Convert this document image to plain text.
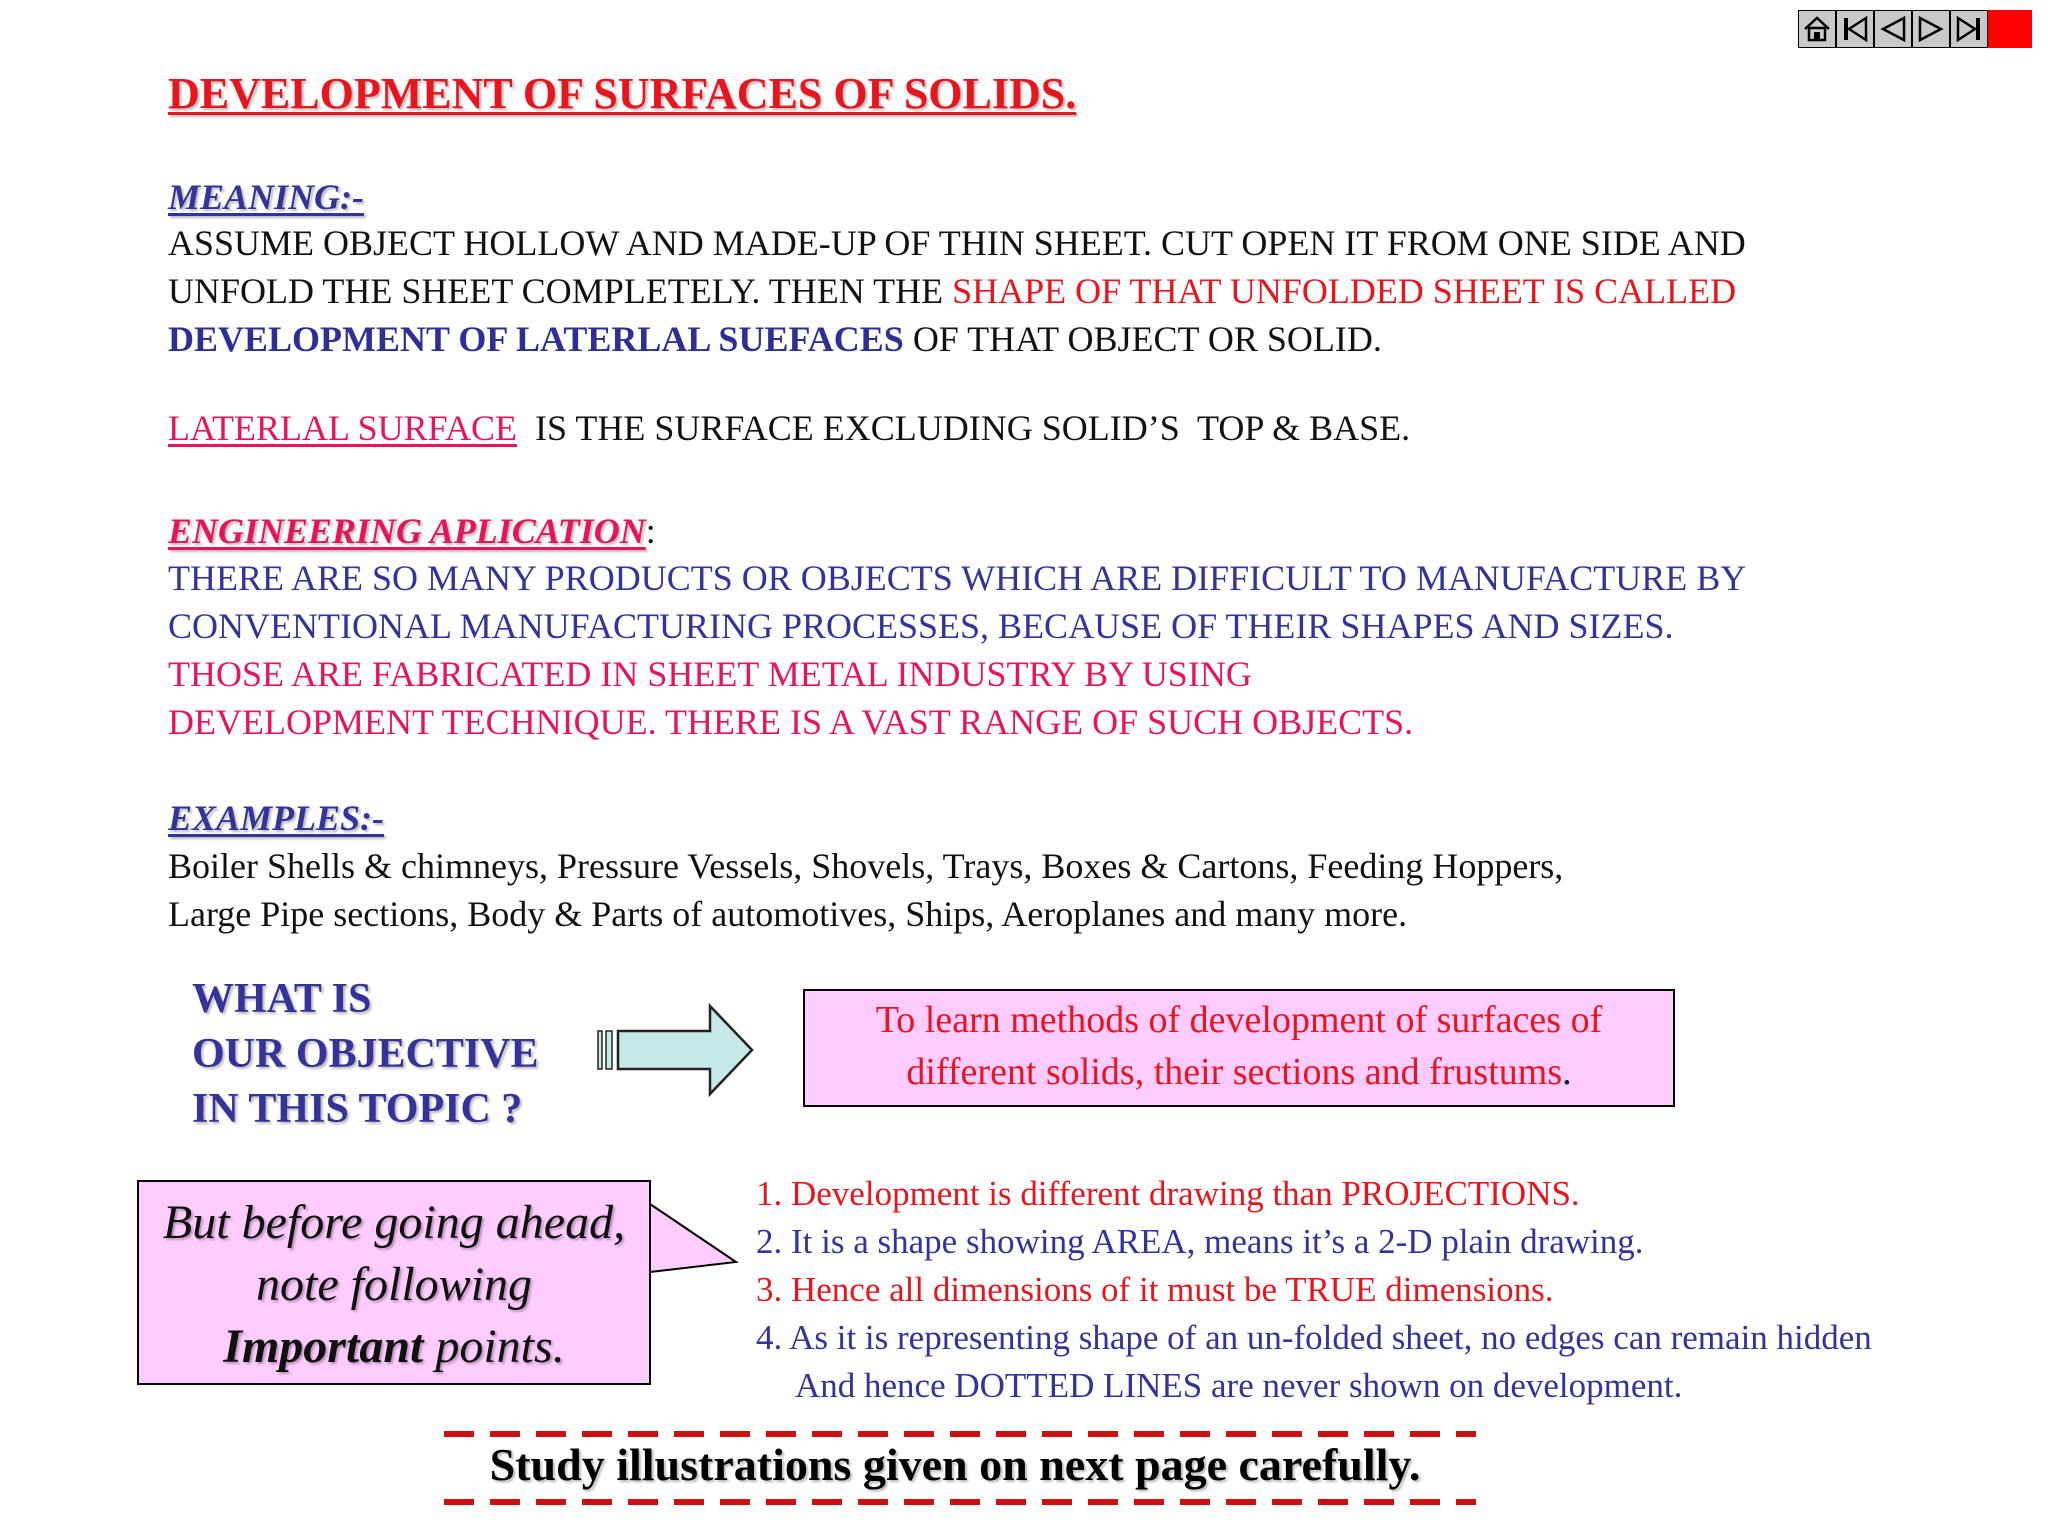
DEVELOPMENT OF SURFACES OF SOLIDS.
MEANING:-
ASSUME OBJECT HOLLOW AND MADE-UP OF THIN SHEET. CUT OPEN IT FROM ONE SIDE AND
UNFOLD THE SHEET COMPLETELY. THEN THE SHAPE OF THAT UNFOLDED SHEET IS CALLED
DEVELOPMENT OF LATERLAL SUEFACES OF THAT OBJECT OR SOLID.
LATERLAL SURFACE  IS THE SURFACE EXCLUDING SOLID’S  TOP & BASE.
ENGINEERING APLICATION:
THERE ARE SO MANY PRODUCTS OR OBJECTS WHICH ARE DIFFICULT TO MANUFACTURE BY
CONVENTIONAL MANUFACTURING PROCESSES, BECAUSE OF THEIR SHAPES AND SIZES.
THOSE ARE FABRICATED IN SHEET METAL INDUSTRY BY USING
DEVELOPMENT TECHNIQUE. THERE IS A VAST RANGE OF SUCH OBJECTS.
EXAMPLES:-
Boiler Shells & chimneys, Pressure Vessels, Shovels, Trays, Boxes & Cartons, Feeding Hoppers,
Large Pipe sections, Body & Parts of automotives, Ships, Aeroplanes and many more.
WHAT IS
OUR OBJECTIVE
IN THIS TOPIC ?
To learn methods of development of surfaces of
different solids, their sections and frustums.
But before going ahead,
note following
Important points.
1. Development is different drawing than PROJECTIONS.
2. It is a shape showing AREA, means it’s a 2-D plain drawing.
3. Hence all dimensions of it must be TRUE dimensions.
4. As it is representing shape of an un-folded sheet, no edges can remain hidden
And hence DOTTED LINES are never shown on development.
Study illustrations given on next page carefully.
